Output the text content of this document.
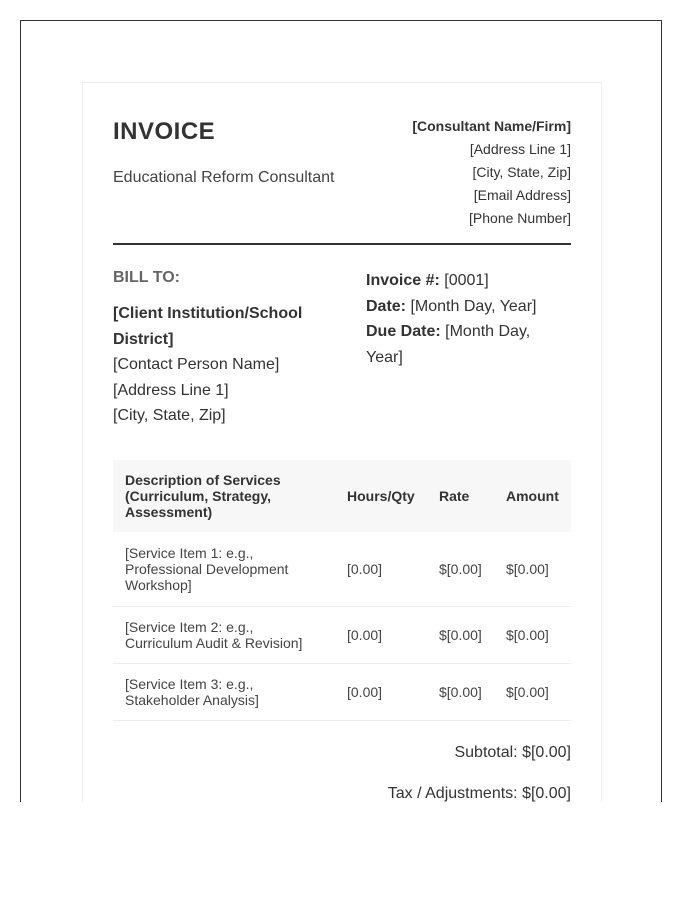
INVOICE
Educational Reform Consultant
[Consultant Name/Firm]
[Address Line 1]
[City, State, Zip]
[Email Address]
[Phone Number]
BILL TO:
[Client Institution/School District]
[Contact Person Name]
[Address Line 1]
[City, State, Zip]
Invoice #: [0001]
Date: [Month Day, Year]
Due Date: [Month Day, Year]
Description of Services (Curriculum, Strategy, Assessment)	Hours/Qty	Rate	Amount
[Service Item 1: e.g., Professional Development Workshop]	[0.00]	$[0.00]	$[0.00]
[Service Item 2: e.g., Curriculum Audit & Revision]	[0.00]	$[0.00]	$[0.00]
[Service Item 3: e.g., Stakeholder Analysis]	[0.00]	$[0.00]	$[0.00]
Subtotal: $[0.00]
Tax / Adjustments: $[0.00]
